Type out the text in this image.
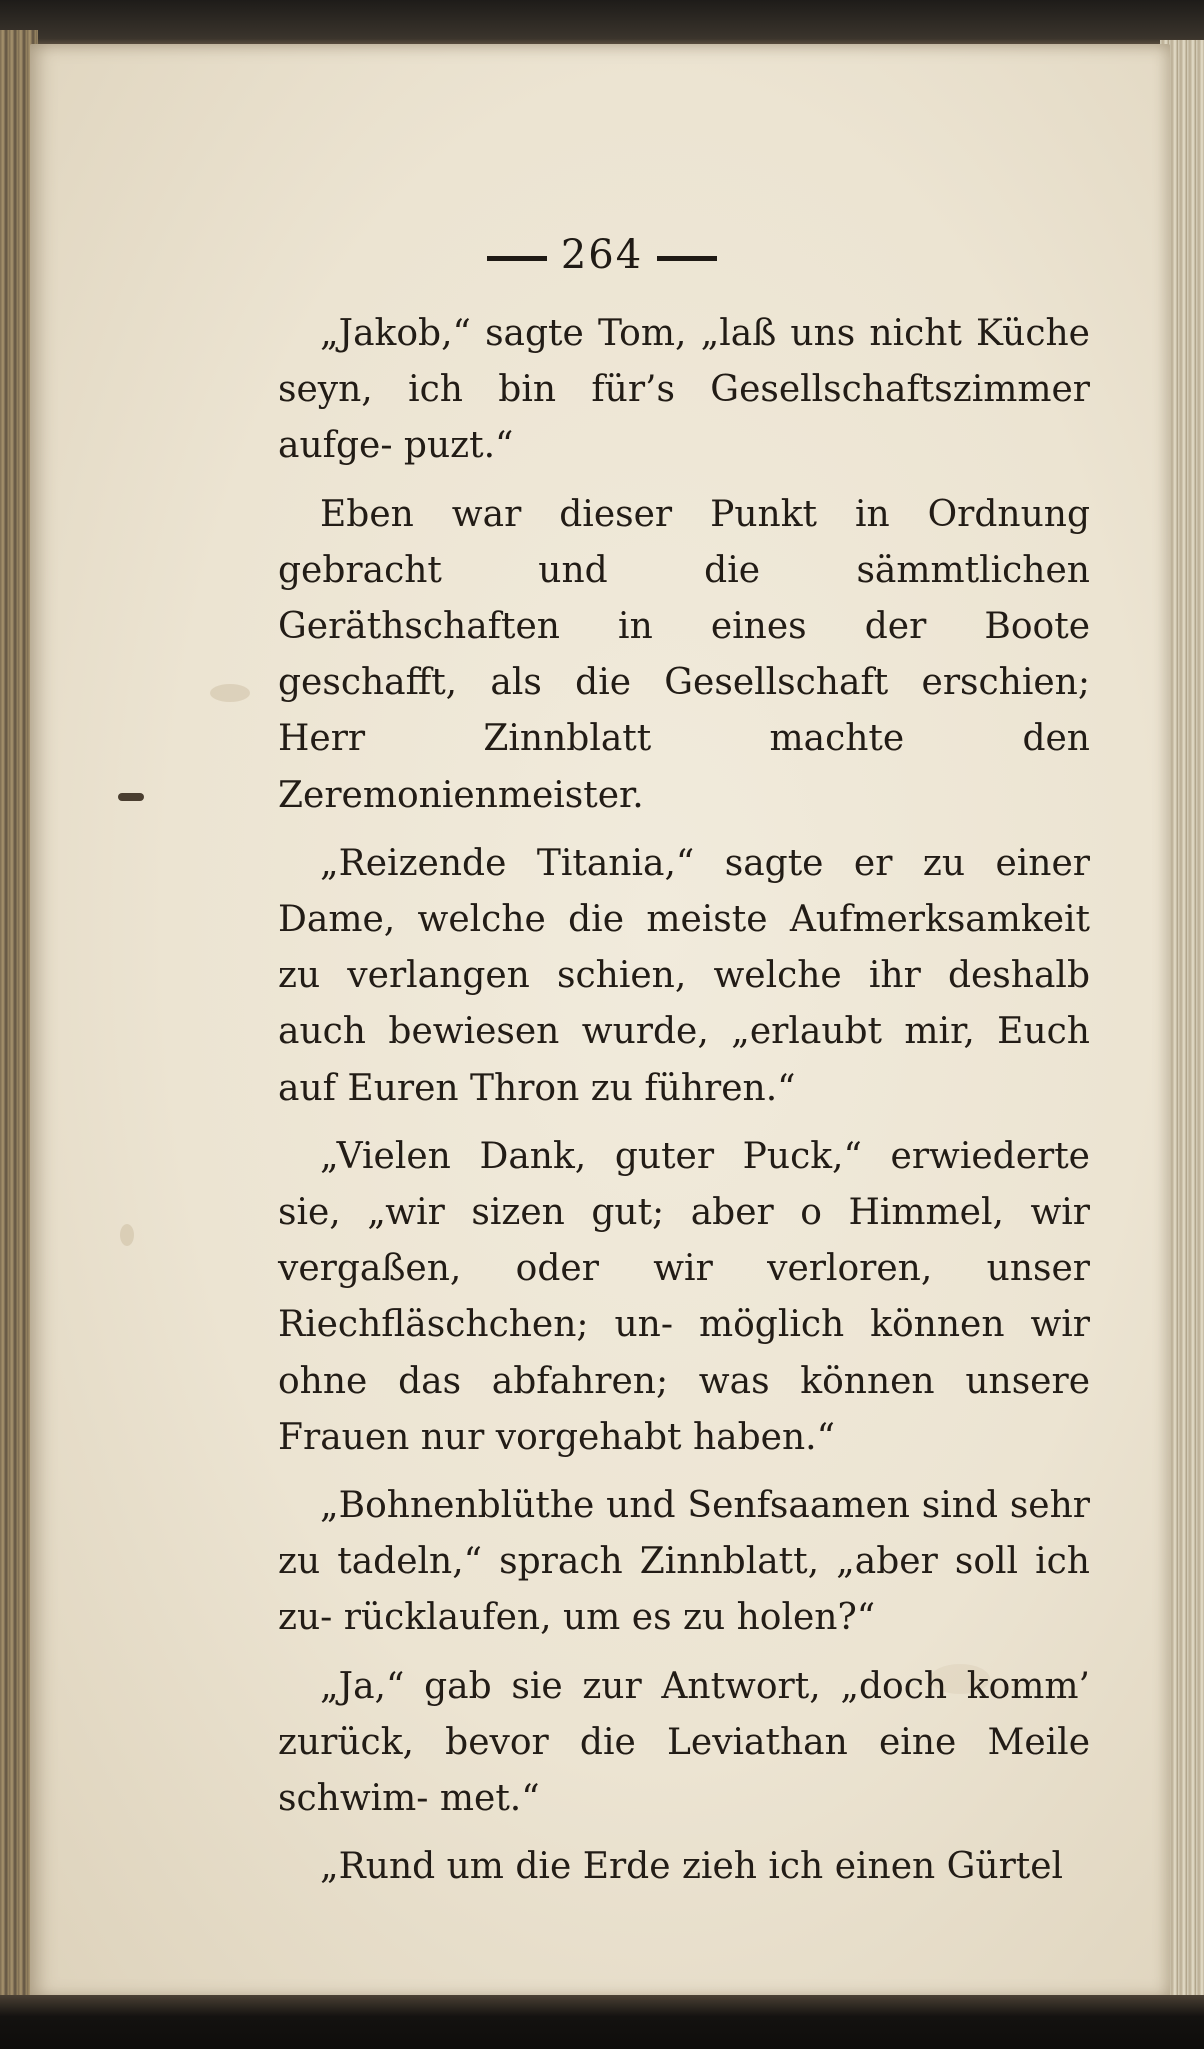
264

„Jakob,“ sagte Tom, „laß uns nicht Küche seyn, ich bin für’s Gesellschaftszimmer aufge- puzt.“

Eben war dieser Punkt in Ordnung gebracht und die sämmtlichen Geräthschaften in eines der Boote geschafft, als die Gesellschaft erschien; Herr Zinnblatt machte den Zeremonienmeister.

„Reizende Titania,“ sagte er zu einer Dame, welche die meiste Aufmerksamkeit zu verlangen schien, welche ihr deshalb auch bewiesen wurde, „erlaubt mir, Euch auf Euren Thron zu führen.“

„Vielen Dank, guter Puck,“ erwiederte sie, „wir sizen gut; aber o Himmel, wir vergaßen, oder wir verloren, unser Riechfläschchen; un- möglich können wir ohne das abfahren; was können unsere Frauen nur vorgehabt haben.“

„Bohnenblüthe und Senfsaamen sind sehr zu tadeln,“ sprach Zinnblatt, „aber soll ich zu- rücklaufen, um es zu holen?“

„Ja,“ gab sie zur Antwort, „doch komm’ zurück, bevor die Leviathan eine Meile schwim- met.“

„Rund um die Erde zieh ich einen Gürtel
